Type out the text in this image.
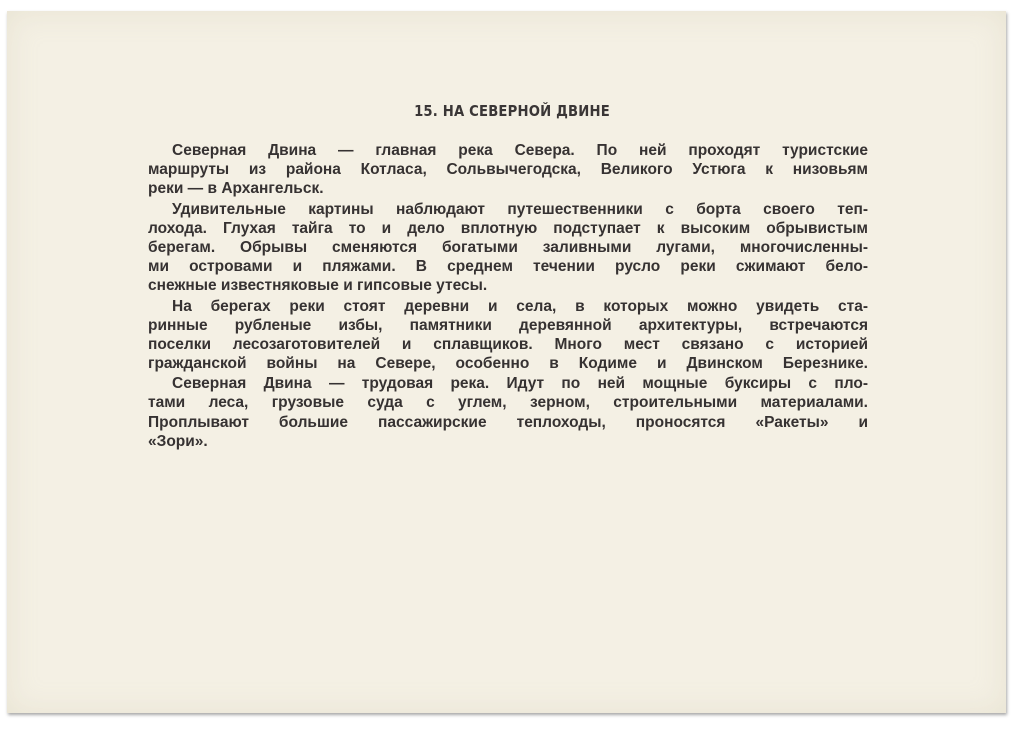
15. НА СЕВЕРНОЙ ДВИНЕ
Северная Двина — главная река Севера. По ней проходят туристские
маршруты из района Котласа, Сольвычегодска, Великого Устюга к низовьям
реки — в Архангельск.
Удивительные картины наблюдают путешественники с борта своего теп-
лохода. Глухая тайга то и дело вплотную подступает к высоким обрывистым
берегам. Обрывы сменяются богатыми заливными лугами, многочисленны-
ми островами и пляжами. В среднем течении русло реки сжимают бело-
снежные известняковые и гипсовые утесы.
На берегах реки стоят деревни и села, в которых можно увидеть ста-
ринные рубленые избы, памятники деревянной архитектуры, встречаются
поселки лесозаготовителей и сплавщиков. Много мест связано с историей
гражданской войны на Севере, особенно в Кодиме и Двинском Березнике.
Северная Двина — трудовая река. Идут по ней мощные буксиры с пло-
тами леса, грузовые суда с углем, зерном, строительными материалами.
Проплывают большие пассажирские теплоходы, проносятся «Ракеты» и
«Зори».
